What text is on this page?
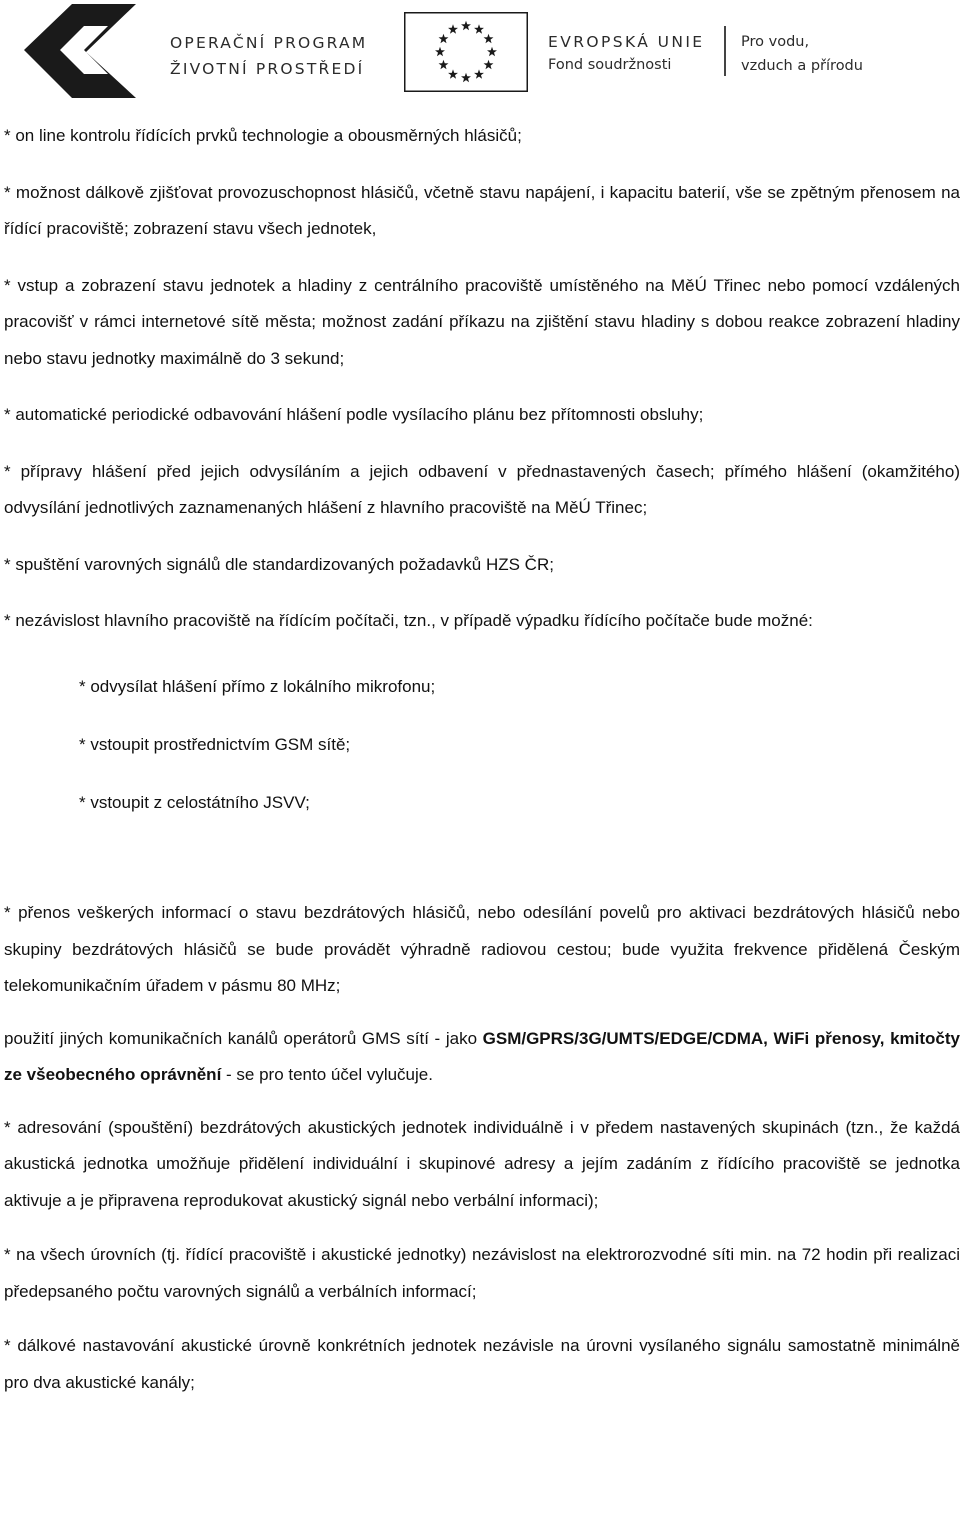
OPERAČNÍ PROGRAM
ŽIVOTNÍ PROSTŘEDÍ
EVROPSKÁ UNIE
Fond soudržnosti
Pro vodu,
vzduch a přírodu

* on line kontrolu řídících prvků technologie a obousměrných hlásičů;

* možnost dálkově zjišťovat provozuschopnost hlásičů, včetně stavu napájení, i kapacitu baterií, vše se zpětným přenosem na řídící pracoviště; zobrazení stavu všech jednotek,

* vstup a zobrazení stavu jednotek a hladiny z centrálního pracoviště umístěného na MěÚ Třinec nebo pomocí vzdálených pracovišť v rámci internetové sítě města; možnost zadání příkazu na zjištění stavu hladiny s dobou reakce zobrazení hladiny nebo stavu jednotky maximálně do 3 sekund;

* automatické periodické odbavování hlášení podle vysílacího plánu bez přítomnosti obsluhy;

* přípravy hlášení před jejich odvysíláním a jejich odbavení v přednastavených časech; přímého hlášení (okamžitého) odvysílání jednotlivých zaznamenaných hlášení z hlavního pracoviště na MěÚ Třinec;

* spuštění varovných signálů dle standardizovaných požadavků HZS ČR;

* nezávislost hlavního pracoviště na řídícím počítači, tzn., v případě výpadku řídícího počítače bude možné:

* odvysílat hlášení přímo z lokálního mikrofonu;

* vstoupit prostřednictvím GSM sítě;

* vstoupit z celostátního JSVV;

* přenos veškerých informací o stavu bezdrátových hlásičů, nebo odesílání povelů pro aktivaci bezdrátových hlásičů nebo skupiny bezdrátových hlásičů se bude provádět výhradně radiovou cestou; bude využita frekvence přidělená Českým telekomunikačním úřadem v pásmu 80 MHz;

použití jiných komunikačních kanálů operátorů GMS sítí - jako GSM/GPRS/3G/UMTS/EDGE/CDMA, WiFi přenosy, kmitočty ze všeobecného oprávnění - se pro tento účel vylučuje.

* adresování (spouštění) bezdrátových akustických jednotek individuálně i v předem nastavených skupinách (tzn., že každá akustická jednotka umožňuje přidělení individuální i skupinové adresy a jejím zadáním z řídícího pracoviště se jednotka aktivuje a je připravena reprodukovat akustický signál nebo verbální informaci);

* na všech úrovních (tj. řídící pracoviště i akustické jednotky) nezávislost na elektrorozvodné síti min. na 72 hodin při realizaci předepsaného počtu varovných signálů a verbálních informací;

* dálkové nastavování akustické úrovně konkrétních jednotek nezávisle na úrovni vysílaného signálu samostatně minimálně pro dva akustické kanály;
